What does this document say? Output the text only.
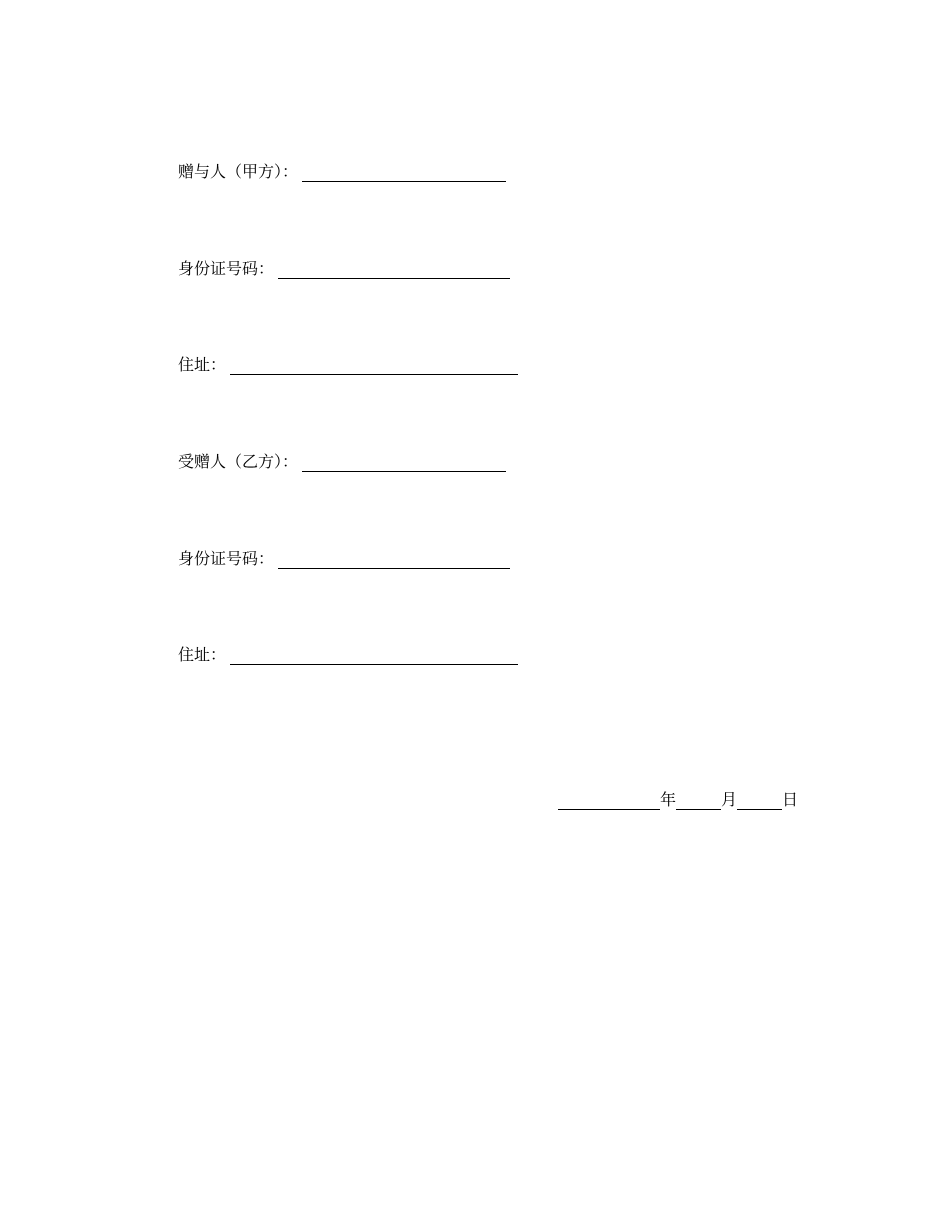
赠与人（甲方）：
身份证号码：
住址：
受赠人（乙方）：
身份证号码：
住址：
年	月	日
